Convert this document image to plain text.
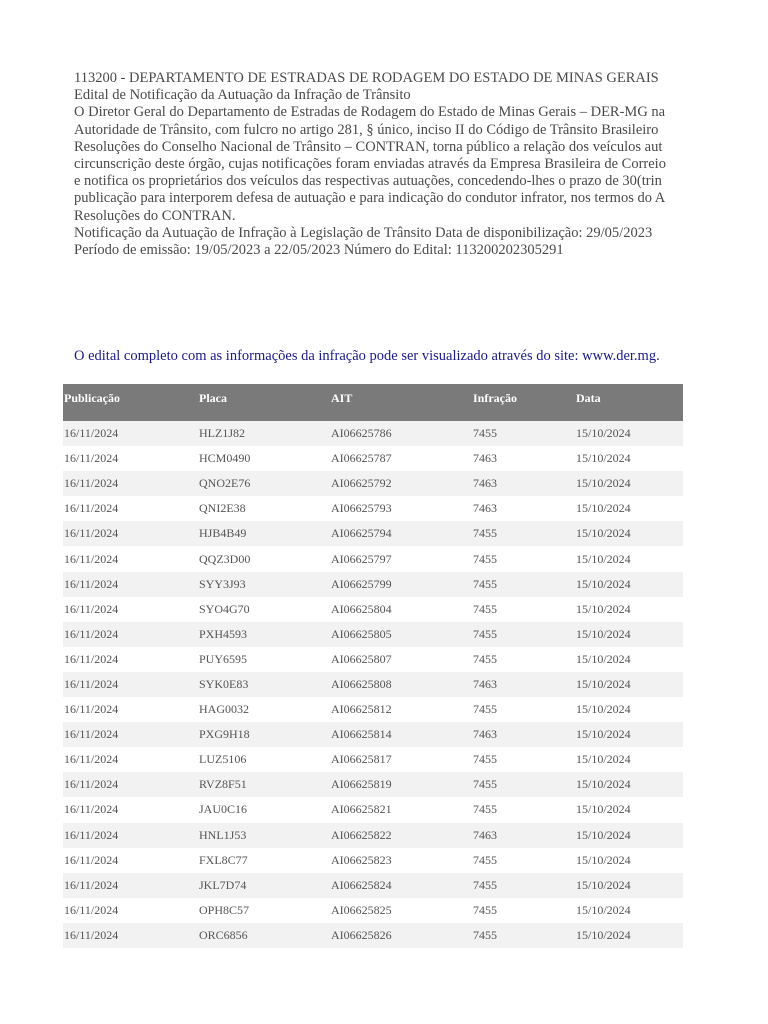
113200 - DEPARTAMENTO DE ESTRADAS DE RODAGEM DO ESTADO DE MINAS GERAIS
Edital de Notificação da Autuação da Infração de Trânsito
O Diretor Geral do Departamento de Estradas de Rodagem do Estado de Minas Gerais – DER-MG na
Autoridade de Trânsito, com fulcro no artigo 281, § único, inciso II do Código de Trânsito Brasileiro
Resoluções do Conselho Nacional de Trânsito – CONTRAN, torna público a relação dos veículos aut
circunscrição deste órgão, cujas notificações foram enviadas através da Empresa Brasileira de Correio
e notifica os proprietários dos veículos das respectivas autuações, concedendo-lhes o prazo de 30(trin
publicação para interporem defesa de autuação e para indicação do condutor infrator, nos termos do A
Resoluções do CONTRAN.
Notificação da Autuação de Infração à Legislação de Trânsito Data de disponibilização: 29/05/2023
Período de emissão: 19/05/2023 a 22/05/2023 Número do Edital: 113200202305291
O edital completo com as informações da infração pode ser visualizado através do site: www.der.mg.
Publicação	Placa	AIT	Infração	Data
16/11/2024	HLZ1J82	AI06625786	7455	15/10/2024
16/11/2024	HCM0490	AI06625787	7463	15/10/2024
16/11/2024	QNO2E76	AI06625792	7463	15/10/2024
16/11/2024	QNI2E38	AI06625793	7463	15/10/2024
16/11/2024	HJB4B49	AI06625794	7455	15/10/2024
16/11/2024	QQZ3D00	AI06625797	7455	15/10/2024
16/11/2024	SYY3J93	AI06625799	7455	15/10/2024
16/11/2024	SYO4G70	AI06625804	7455	15/10/2024
16/11/2024	PXH4593	AI06625805	7455	15/10/2024
16/11/2024	PUY6595	AI06625807	7455	15/10/2024
16/11/2024	SYK0E83	AI06625808	7463	15/10/2024
16/11/2024	HAG0032	AI06625812	7455	15/10/2024
16/11/2024	PXG9H18	AI06625814	7463	15/10/2024
16/11/2024	LUZ5106	AI06625817	7455	15/10/2024
16/11/2024	RVZ8F51	AI06625819	7455	15/10/2024
16/11/2024	JAU0C16	AI06625821	7455	15/10/2024
16/11/2024	HNL1J53	AI06625822	7463	15/10/2024
16/11/2024	FXL8C77	AI06625823	7455	15/10/2024
16/11/2024	JKL7D74	AI06625824	7455	15/10/2024
16/11/2024	OPH8C57	AI06625825	7455	15/10/2024
16/11/2024	ORC6856	AI06625826	7455	15/10/2024
